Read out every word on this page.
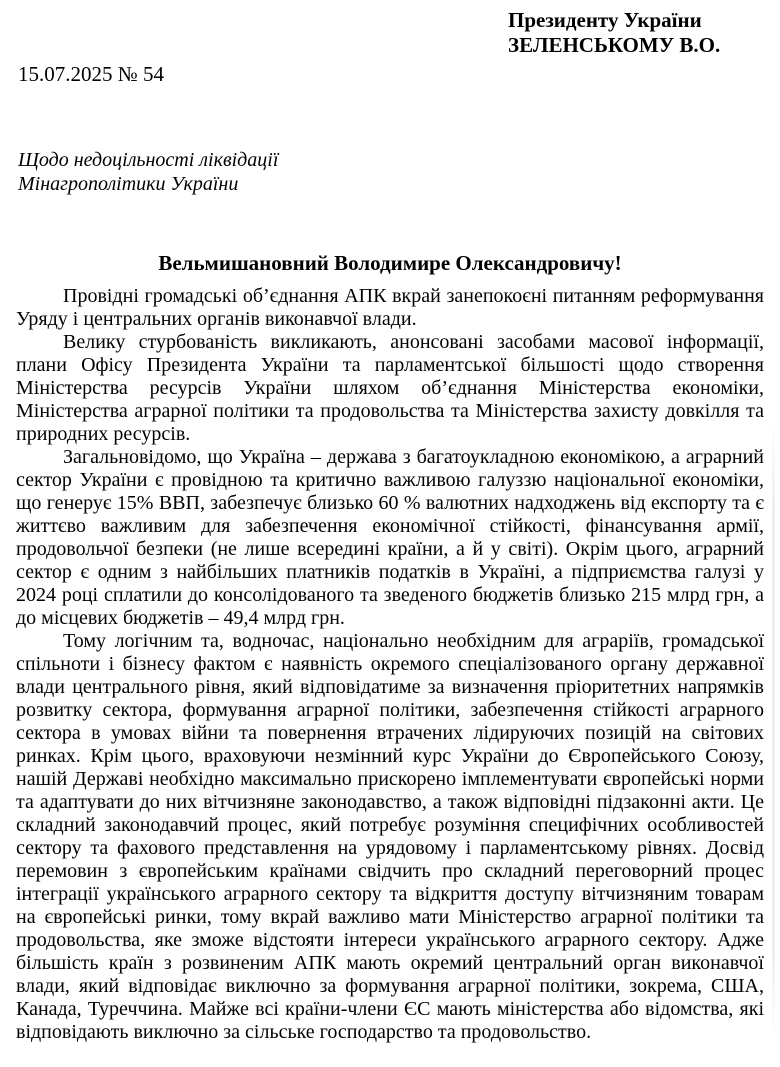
Президенту України
ЗЕЛЕНСЬКОМУ В.О.
15.07.2025 № 54
Щодо недоцільності ліквідації
Мінагрополітики України
Вельмишановний Володимире Олександровичу!

Провідні громадські об’єднання АПК вкрай занепокоєні питанням реформування Уряду і центральних органів виконавчої влади.

Велику стурбованість викликають, анонсовані засобами масової інформації, плани Офісу Президента України та парламентської більшості щодо створення Міністерства ресурсів України шляхом об’єднання Міністерства економіки, Міністерства аграрної політики та продовольства та Міністерства захисту довкілля та природних ресурсів.

Загальновідомо, що Україна – держава з багатоукладною економікою, а аграрний сектор України є провідною та критично важливою галуззю національної економіки, що генерує 15% ВВП, забезпечує близько 60 % валютних надходжень від експорту та є життєво важливим для забезпечення економічної стійкості, фінансування армії, продовольчої безпеки (не лише всередині країни, а й у світі). Окрім цього, аграрний сектор є одним з найбільших платників податків в Україні, а підприємства галузі у 2024 році сплатили до консолідованого та зведеного бюджетів близько 215 млрд грн, а до місцевих бюджетів – 49,4 млрд грн.

Тому логічним та, водночас, національно необхідним для аграріїв, громадської спільноти і бізнесу фактом є наявність окремого спеціалізованого органу державної влади центрального рівня, який відповідатиме за визначення пріоритетних напрямків розвитку сектора, формування аграрної політики, забезпечення стійкості аграрного сектора в умовах війни та повернення втрачених лідируючих позицій на світових ринках. Крім цього, враховуючи незмінний курс України до Європейського Союзу, нашій Державі необхідно максимально прискорено імплементувати європейські норми та адаптувати до них вітчизняне законодавство, а також відповідні підзаконні акти. Це складний законодавчий процес, який потребує розуміння специфічних особливостей сектору та фахового представлення на урядовому і парламентському рівнях. Досвід перемовин з європейським країнами свідчить про складний переговорний процес інтеграції українського аграрного сектору та відкриття доступу вітчизняним товарам на європейські ринки, тому вкрай важливо мати Міністерство аграрної політики та продовольства, яке зможе відстояти інтереси українського аграрного сектору. Адже більшість країн з розвиненим АПК мають окремий центральний орган виконавчої влади, який відповідає виключно за формування аграрної політики, зокрема, США, Канада, Туреччина. Майже всі країни-члени ЄС мають міністерства або відомства, які відповідають виключно за сільське господарство та продовольство.
